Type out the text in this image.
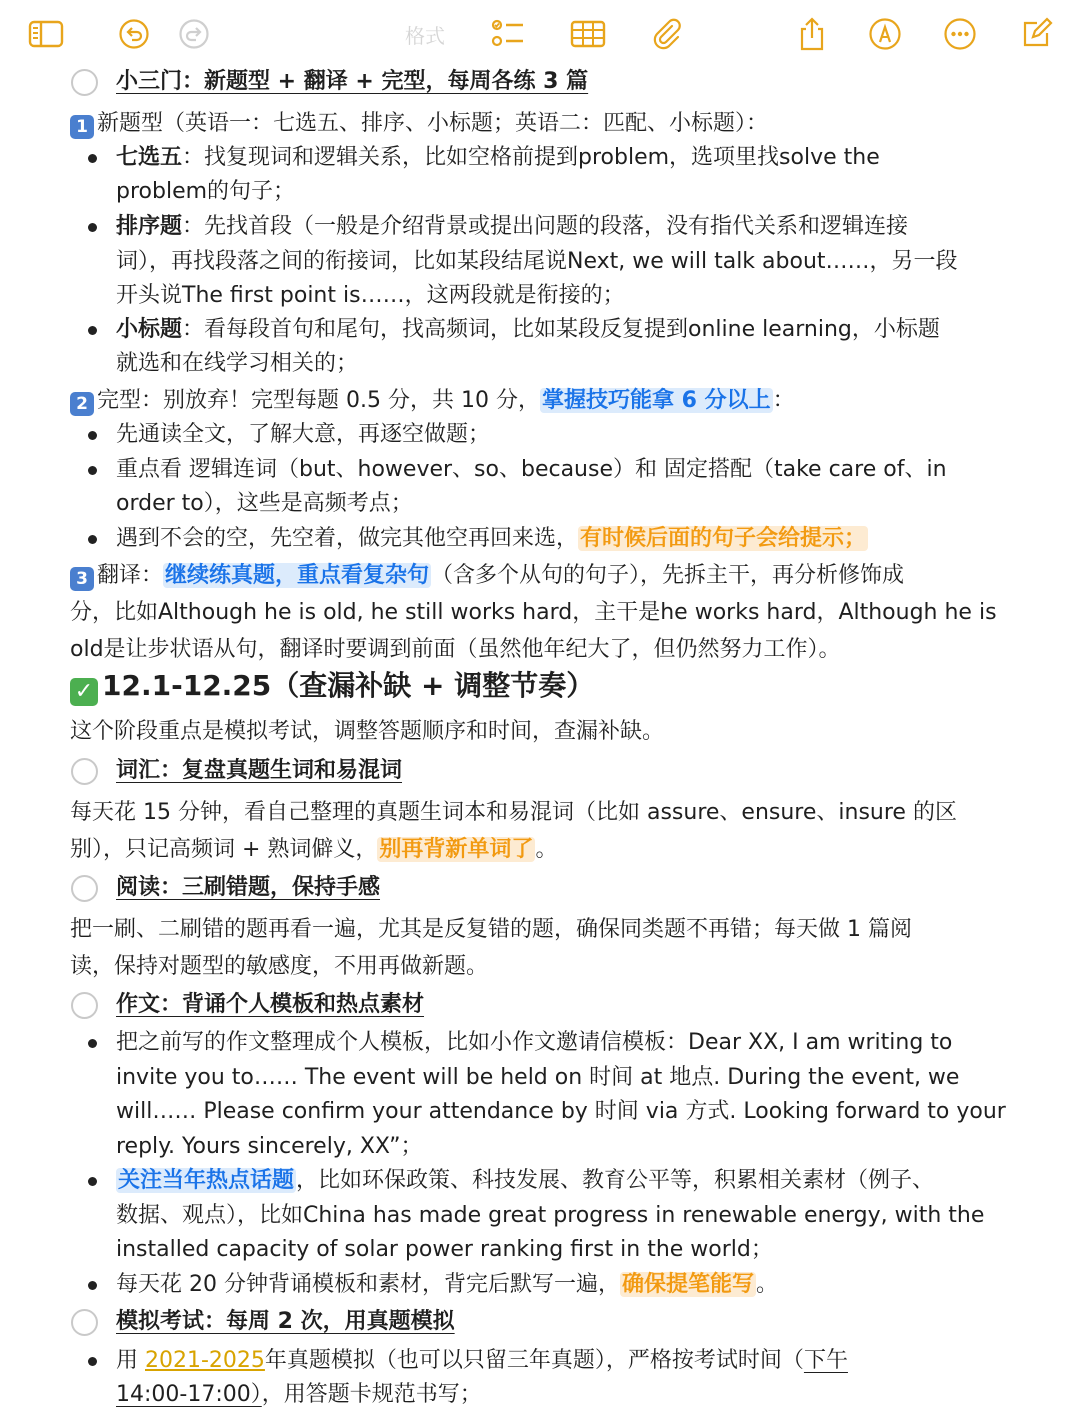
格式
小三门：新题型 + 翻译 + 完型，每周各练 3 篇
1 新题型（英语一：七选五、排序、小标题；英语二：匹配、小标题）：
七选五：找复现词和逻辑关系，比如空格前提到problem，选项里找solve the
problem的句子；
排序题：先找首段（一般是介绍背景或提出问题的段落，没有指代关系和逻辑连接
词），再找段落之间的衔接词，比如某段结尾说Next, we will talk about……，另一段
开头说The first point is……，这两段就是衔接的；
小标题：看每段首句和尾句，找高频词，比如某段反复提到online learning，小标题
就选和在线学习相关的；
2 完型：别放弃！完型每题 0.5 分，共 10 分，掌握技巧能拿 6 分以上：
先通读全文，了解大意，再逐空做题；
重点看 逻辑连词（but、however、so、because）和 固定搭配（take care of、in
order to），这些是高频考点；
遇到不会的空，先空着，做完其他空再回来选，有时候后面的句子会给提示；
3 翻译：继续练真题，重点看复杂句（含多个从句的句子），先拆主干，再分析修饰成
分，比如Although he is old, he still works hard，主干是he works hard，Although he is
old是让步状语从句，翻译时要调到前面（虽然他年纪大了，但仍然努力工作）。
✓ 12.1-12.25（查漏补缺 + 调整节奏）
这个阶段重点是模拟考试，调整答题顺序和时间，查漏补缺。
词汇：复盘真题生词和易混词
每天花 15 分钟，看自己整理的真题生词本和易混词（比如 assure、ensure、insure 的区
别），只记高频词 + 熟词僻义，别再背新单词了。
阅读：三刷错题，保持手感
把一刷、二刷错的题再看一遍，尤其是反复错的题，确保同类题不再错；每天做 1 篇阅
读，保持对题型的敏感度，不用再做新题。
作文：背诵个人模板和热点素材
把之前写的作文整理成个人模板，比如小作文邀请信模板：Dear XX, I am writing to
invite you to…… The event will be held on 时间 at 地点. During the event, we
will…… Please confirm your attendance by 时间 via 方式. Looking forward to your
reply. Yours sincerely, XX”；
关注当年热点话题，比如环保政策、科技发展、教育公平等，积累相关素材（例子、
数据、观点），比如China has made great progress in renewable energy, with the
installed capacity of solar power ranking first in the world；
每天花 20 分钟背诵模板和素材，背完后默写一遍，确保提笔能写。
模拟考试：每周 2 次，用真题模拟
用 2021-2025年真题模拟（也可以只留三年真题），严格按考试时间（下午
14:00-17:00），用答题卡规范书写；
